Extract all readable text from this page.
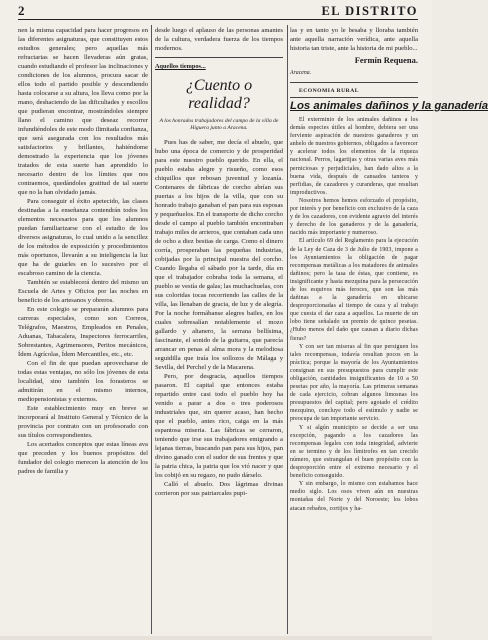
2	EL DISTRITO

nen la misma capacidad para hacer progresos en las diferentes asignaturas, que constituyen estos estudios generales; pero aquellas más refractarias se hacen llevaderas aún gratas, cuando estudiando el profesor las inclinaciones y condiciones de los alumnos, procura sacar de ellos todo el partido posible y descendiendo hasta colocarse a su altura, los lleva como por la mano, deshaciendo de las dificultades y escollos que pudieran encontrar, mostrándoles siempre llano el camino que deseaz recorrer infundiéndoles de este modo ilimitada confianza, que será asegurada con los resultados más satisfactorios y brillantes, habiéndome demostrado la experiencia que los jóvenes tratados de esta suerte han aprendido lo necesario dentro de los límites que nos contraemos, quedándoles gratitud de tal suerte que no la han olvidado jamás.

Para conseguir el éxito apetecido, las clases destinadas a la enseñanza contendrán todos los elementos necesarios para que los alumnos puedan familiarizarse con el estudio de los diversos asignaturas, lo cual unido a la sencillez de los métodos de exposición y procedimientos más oportunos, llevarán a su inteligencia la luz que ha de guiarles en lo sucesivo por el escabroso camino de la ciencia.

También se establecerá dentro del mismo un Escuela de Artes y Oficios por las noches en beneficio de los artesanos y obreros.

En este colegio se prepararán alumnos para carreras especiales, como son Correos, Telégrafos, Maestros, Empleados en Penales, Aduanas, Tabacalera, Inspectores ferrocarriles, Sobrestantes, Agrimensores, Peritos mecánicos, Ídem Agrícolas, Ídem Mercantiles, etc., etc.

Con el fin de que puedan aprovecharse de todas estas ventajas, no sólo los jóvenes de esta localidad, sino también los forasteros se admitirán en el mismo internos, mediopensionistas y externos.

Este establecimiento muy en breve se incorporará al Instituto General y Técnico de la provincia por contrato con un profesorado con sus títulos correspondientes.

Los acertados conceptos que estas líneas ava que preceden y los buenos propósitos del fundador del colegio merecen la atención de los padres de familia y

desde luego el aplauso de las personas amantes de la cultura, verdadera fuerza de los tiempos modernos.

Aquellos tiempos...

¿Cuento o realidad?
A los honrados trabajadores del campo de la villa de Higuera junto a Aracena.

Pues has de saber, me decía el abuelo, que hubo una época de comercio y de prosperidad para este nuestro pueblo querido. En ella, el pueblo estaba alegre y risueño, como esos chiquillos que rebosan juventud y lozanía. Contenares de fábricas de corcho abrían sus puertas a los hijos de la villa, que con su honrado trabajo ganaban el pan para sus esposas y pequeñuelos. En el transporte de dicho corcho desde el campo al pueblo también encontraban trabajo miles de arrieros, que contaban cada uno de ocho a diez bestias de carga. Como el dinero corría, prosperaban las pequeñas industrias, cobijadas por la principal nuestra del corcho. Cuando llegaba el sábado por la tarde, día en que el trabajador cobraba toda la semana, el pueblo se vestía de galas; las muchachuelas, con sus coloridas tocas recorriendo las calles de la villa, las llenaban de gracia, de luz y de alegría. Por la noche formábanse alegres bailes, en los cuales sobresalían notablemente el mozo gallardo y altanero, la serrana bellísima, fascinante, el sonido de la guitarra, que parecía arrancar en penas al alma mora y la melodiosa seguidilla que traía los sollozos de Málaga y Sevilla, del Perchel y de la Macarena.

Pero, por desgracia, aquellos tiempos pasaron. El capital que entonces estaba repartido entre casi todo el pueblo hoy ha venido a parar a dos o tres poderosos industriales que, sin querer acaso, han hecho que el pueblo, antes rico, caiga en la más espantosa miseria. Las fábricas se cerraron, teniendo que irse sus trabajadores emigrando a lejanas tierras, buscando pan para sus hijos, pan divino ganado con el sudor de sus frentes y que la patria chica, la patria que los vió nacer y que los cobijó en su regazo, no pudo dárselo.

Calló el abuelo. Dos lágrimas divinas corrieron por sus patriarcales pupi-

las y en tanto yo le besaba y lloraba también ante aquella narración verídica, ante aquella historia tan triste, ante la historia de mi pueblo...

Fermín Requena.

Aracena.

ECONOMIA RURAL

Los animales dañinos y la ganadería

El exterminio de los animales dañinos a los demás especies útiles al hombre, debiera ser una ferviente aspiración de nuestros ganaderos y un anhelo de nuestros gobiernos, obligados a favorecer y acelerar todos los elementos de la riqueza nacional. Perros, lagartijas y otras varias aves más perniciosas y perjudiciales, han dado altos a la buena vida, después de cansados tanteos y perfidias, de cazadores y curanderas, que resultan improductivos.

Nosotros hemos hemos esforzado el propósito, por interés y por beneficio con exclusivo de la caza y de los cazadores, con evidente agravio del interés y derecho de los ganaderos y de la ganadería, nacido más importante y numeroso.

El artículo 69 del Reglamento para la ejecución de la Ley de Caza de 3 de Julio de 1903, impone a los Ayuntamientos la obligación de pagar recompensas metálicas a los matadores de animales dañinos; pero la tasa de éstas, que contiene, es insignificante y hasta mezquina para la persecución de los esquivos más feroces, que son las más dañinas a la ganadería en ubicarse desproporcionadas al tiempo de caza y al trabajo que cuesta el dar caza a aquellos. La muerte de un lobo tiene señalado un premio de quince pesetas. ¿Hubo menos del daño que causan a diario dichas fieras?

Y con ser tan miseras al fin que persiguen los tales recompensas, todavía resultan pocos en la práctica; porque la mayoría de los Ayuntamientos consignan en sus presupuestos para cumplir este obligación, cantidades insignificantes de 10 a 50 pesetas por año, la mayoría. Las primeras semanas de cada ejercicio, cobran algunos limosnas los presupuestos del capital; pero agotado el crédito mezquino, concluye todo el estímulo y nadie se preocupa de tan importante servicio.

Y si algún municipio se decide a ser una excepción, pagando a los cazadores las recompensas legales con toda integridad, advierte en se termino y de los límitrofes en tan crecido número, que estrangulan el buen propósito con la desproporción entre el extremo necesario y el beneficio conseguido.

Y sin embargo, lo mismo con estabamos hace medio siglo. Los osos viven aún en nuestras montañas del Norte y del Noroeste; los lobos atacan rebaños, cortijos y ha-
